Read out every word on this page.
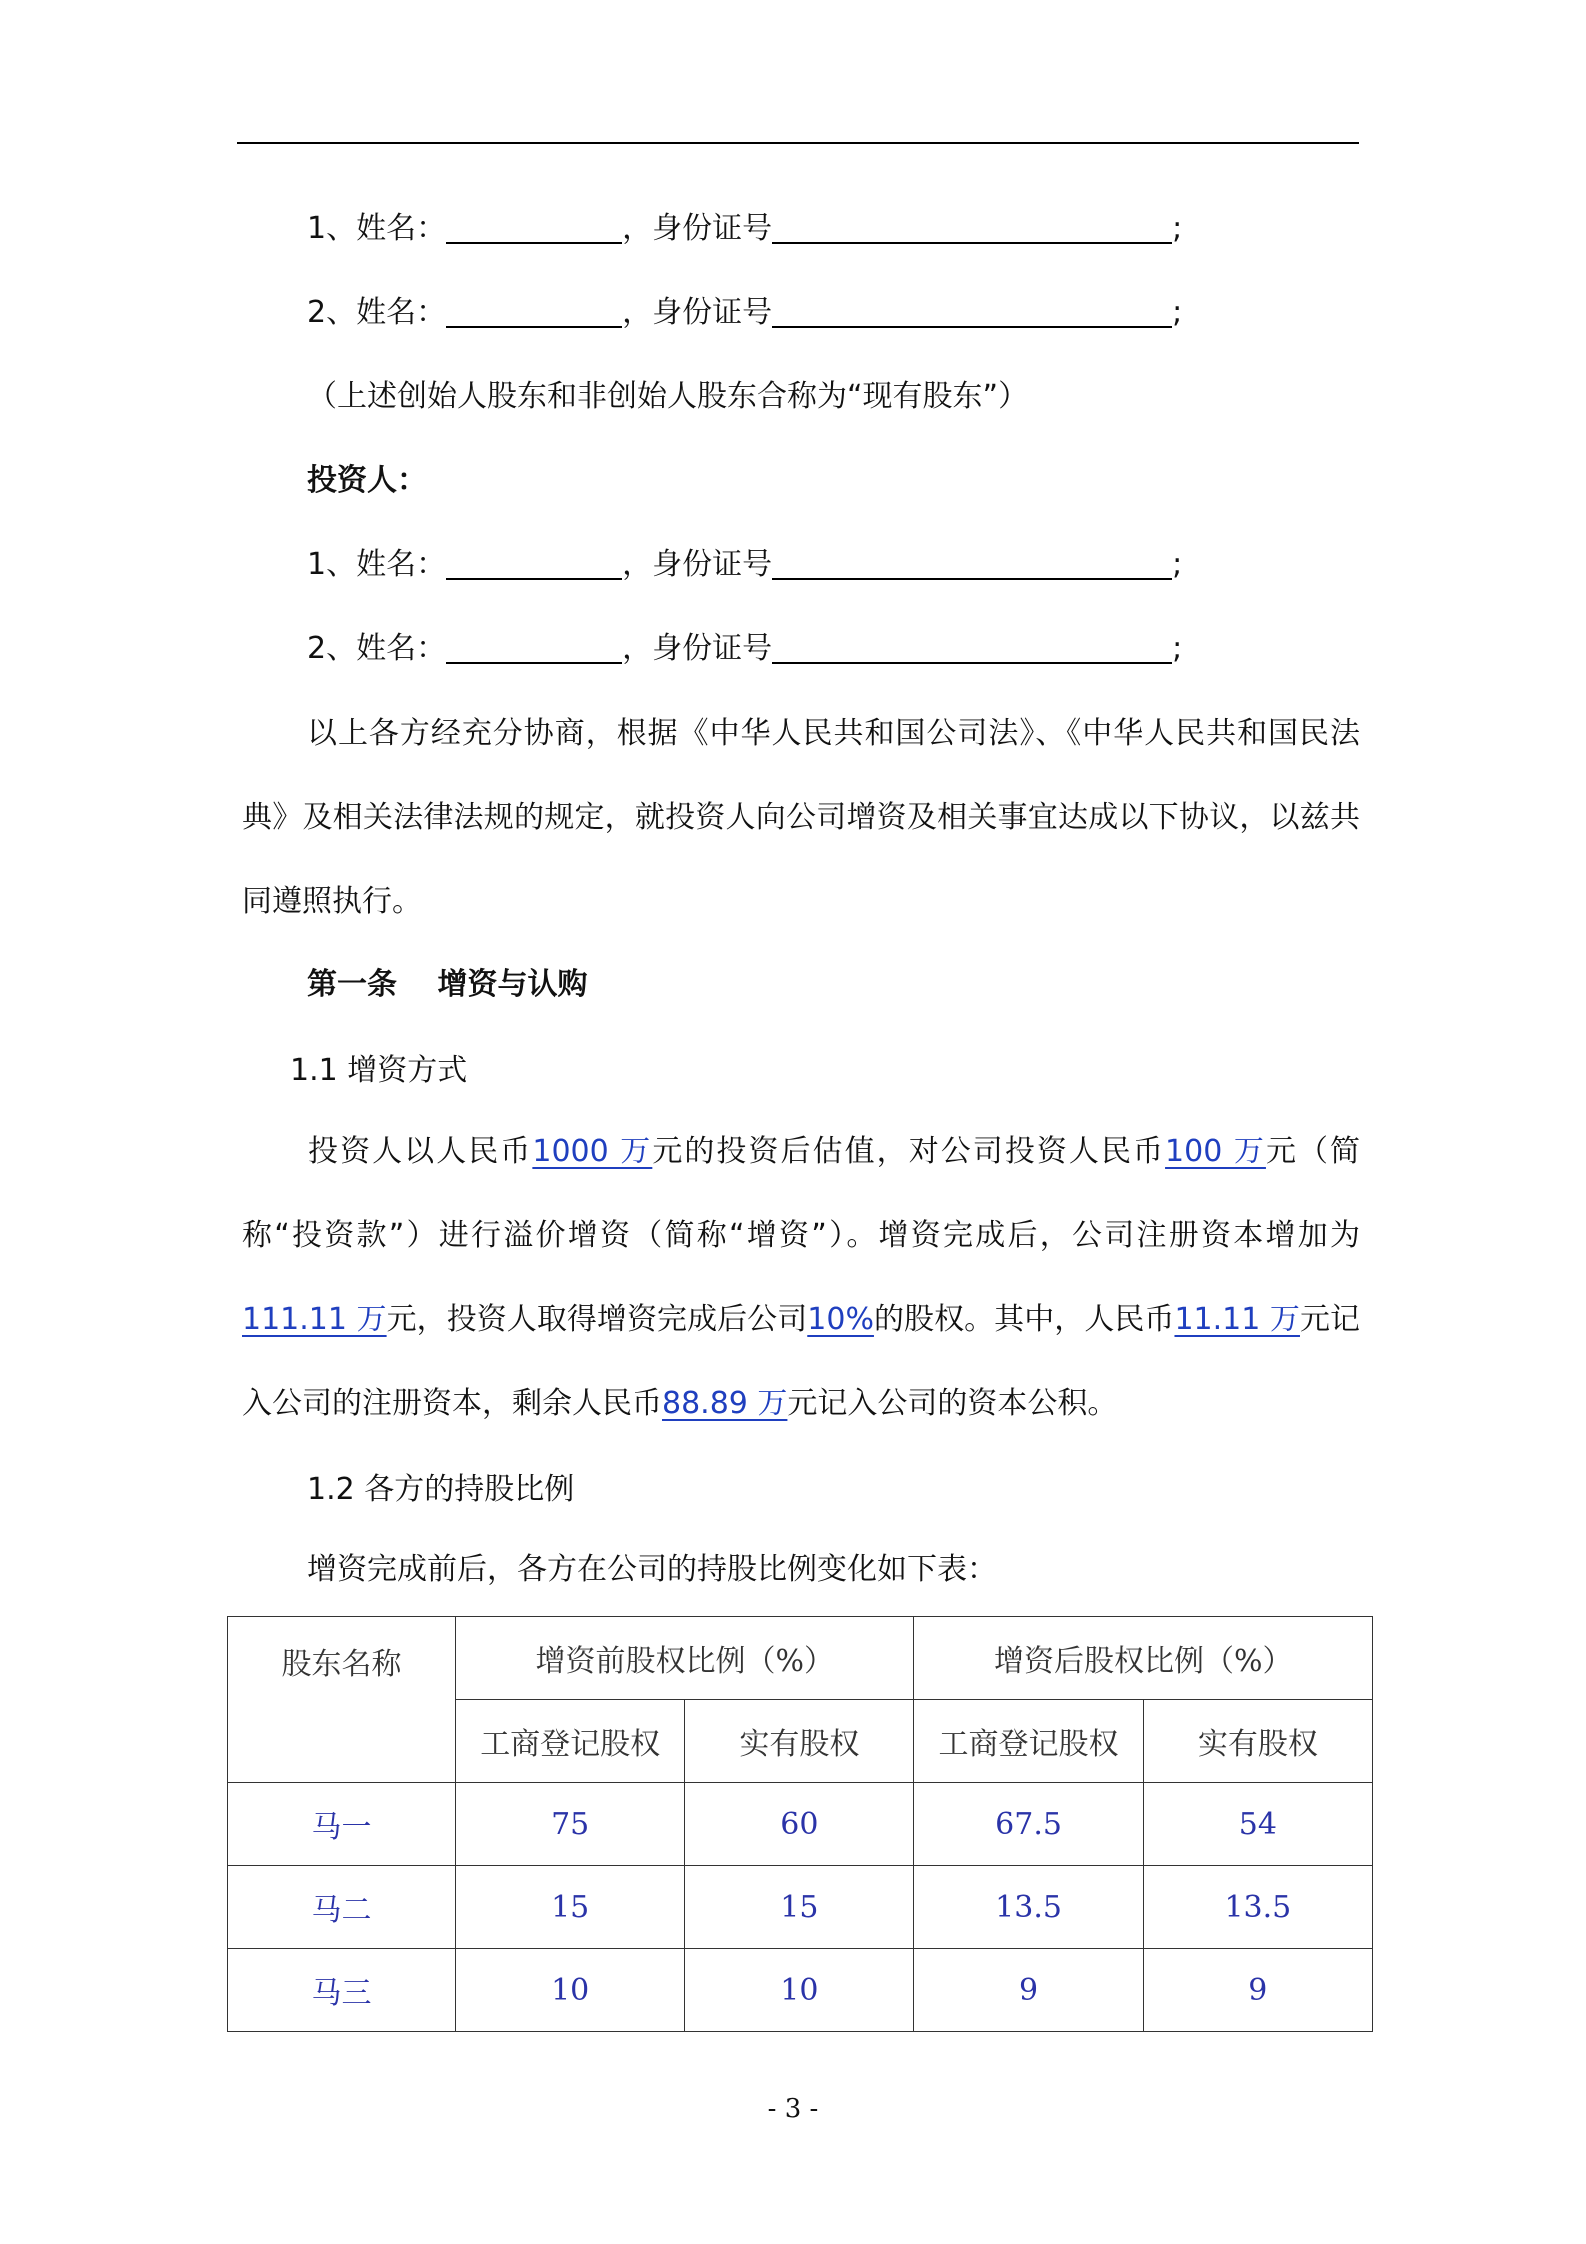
1、姓名：	，身份证号	;
2、姓名：	，身份证号	;
（上述创始人股东和非创始人股东合称为“现有股东”）
投资人：
1、姓名：	，身份证号	;
2、姓名：	，身份证号	;
以上各方经充分协商，根据《中华人民共和国公司法》、《中华人民共和国民法典》及相关法律法规的规定，就投资人向公司增资及相关事宜达成以下协议，以兹共同遵照执行。
第一条　 增资与认购
1.1 增资方式
投资人以人民币1000 万元的投资后估值，对公司投资人民币100 万元（简称“投资款”）进行溢价增资（简称“增资”）。增资完成后，公司注册资本增加为111.11 万元，投资人取得增资完成后公司10%的股权。其中，人民币11.11 万元记入公司的注册资本，剩余人民币88.89 万元记入公司的资本公积。
1.2 各方的持股比例
增资完成前后，各方在公司的持股比例变化如下表：
股东名称	增资前股权比例（%）		增资后股权比例（%）	
	工商登记股权	实有股权	工商登记股权	实有股权
马一	75	60	67.5	54
马二	15	15	13.5	13.5
马三	10	10	9	9
- 3 -
